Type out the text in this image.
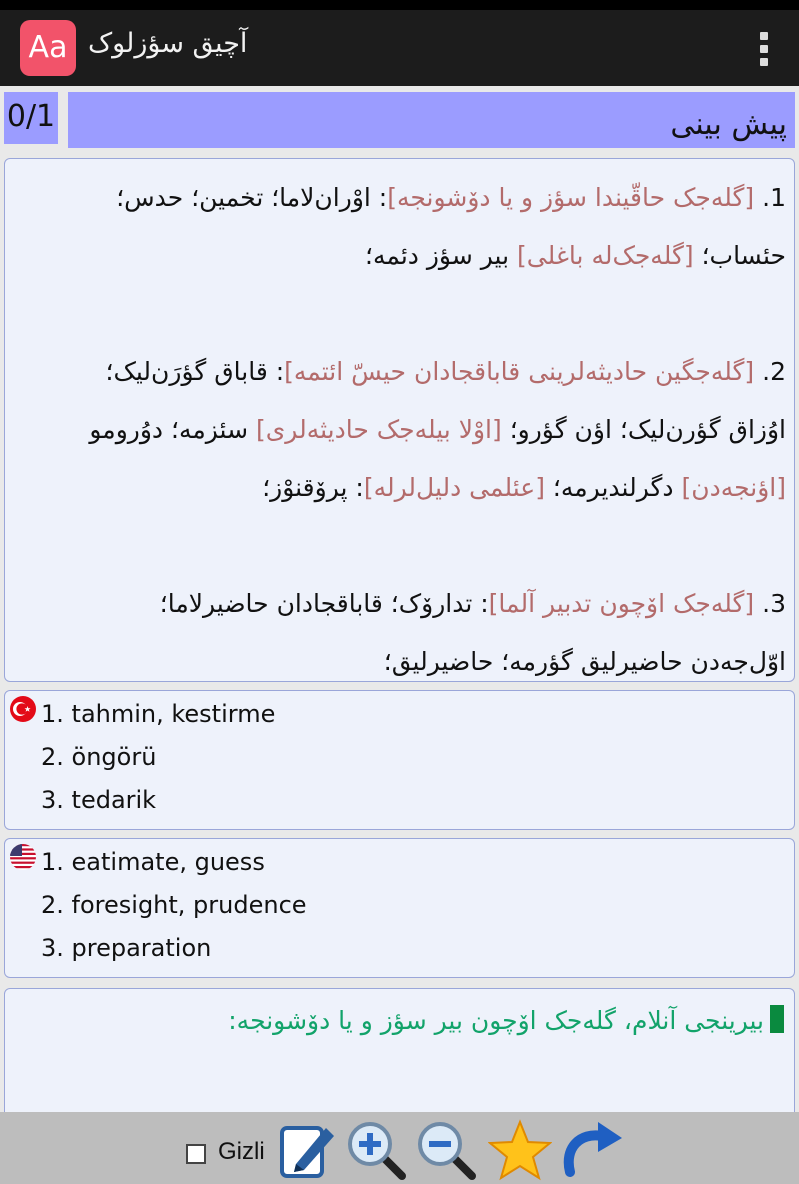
Aa آچیق سؤزلوک
0/1	پیش بینی
1. [گله‌جک حاقّیندا سؤز و یا دۆشونجه]: اوْران‌لاما؛ تخمین؛ حدس؛
حئساب؛ [گله‌جک‌له باغلی] بیر سؤز دئمه؛
2. [گله‌جگین حادیثه‌لرینی قاباقجادان حیسّ ائتمه]: قاباق گؤرَن‌لیک؛
اوُزاق گؤرن‌لیک؛ اؤن گؤرو؛ [اوْلا بیله‌جک حادیثه‌لری] سئزمه؛ دوُرومو
[اؤنجه‌دن] دگرلندیرمه؛ [عئلمی دلیل‌لرله]: پرۆقنوْز؛
3. [گله‌جک اۆچون تدبیر آلما]: تدارۆک؛ قاباقجادان حاضیرلاما؛
اوّل‌جه‌دن حاضیرلیق گؤرمه؛ حاضیرلیق؛
1. tahmin, kestirme
2. öngörü
3. tedarik
1. eatimate, guess
2. foresight, prudence
3. preparation
بیرینجی آنلام، گله‌جک اۆچون بیر سؤز و یا دۆشونجه:
Gizli
